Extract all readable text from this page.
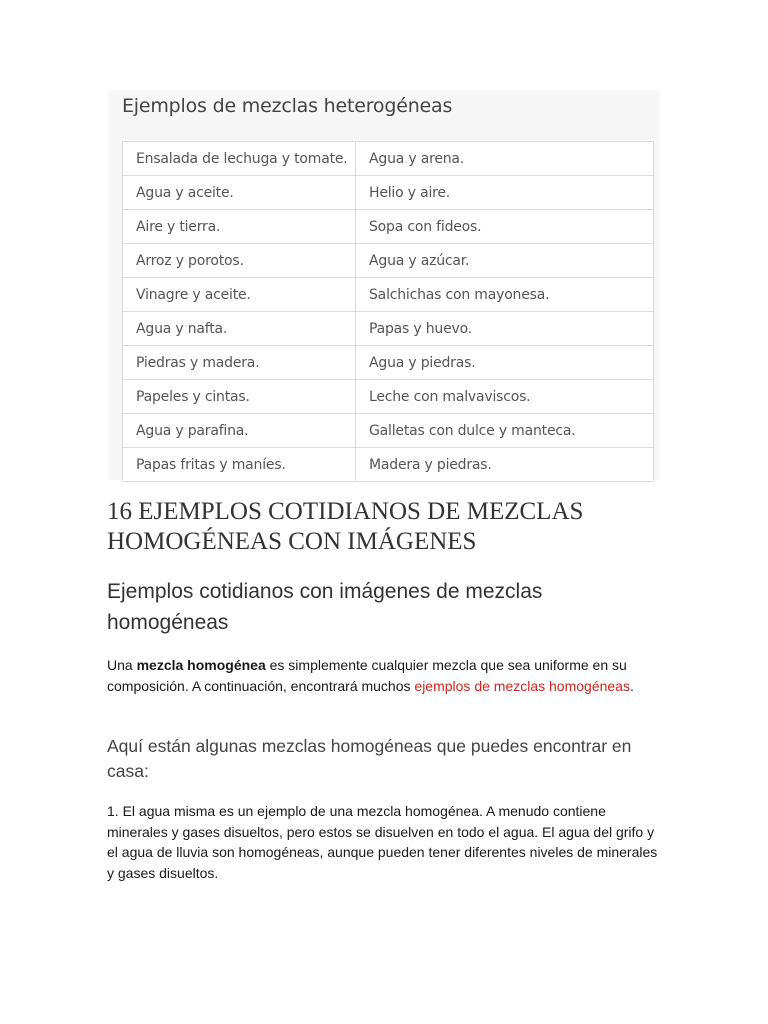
Ejemplos de mezclas heterogéneas
Ensalada de lechuga y tomate.	Agua y arena.
Agua y aceite.	Helio y aire.
Aire y tierra.	Sopa con fideos.
Arroz y porotos.	Agua y azúcar.
Vinagre y aceite.	Salchichas con mayonesa.
Agua y nafta.	Papas y huevo.
Piedras y madera.	Agua y piedras.
Papeles y cintas.	Leche con malvaviscos.
Agua y parafina.	Galletas con dulce y manteca.
Papas fritas y maníes.	Madera y piedras.
16 EJEMPLOS COTIDIANOS DE MEZCLAS HOMOGÉNEAS CON IMÁGENES
Ejemplos cotidianos con imágenes de mezclas homogéneas

Una mezcla homogénea es simplemente cualquier mezcla que sea uniforme en su composición. A continuación, encontrará muchos ejemplos de mezclas homogéneas.

Aquí están algunas mezclas homogéneas que puedes encontrar en casa:

1. El agua misma es un ejemplo de una mezcla homogénea. A menudo contiene minerales y gases disueltos, pero estos se disuelven en todo el agua. El agua del grifo y el agua de lluvia son homogéneas, aunque pueden tener diferentes niveles de minerales y gases disueltos.
